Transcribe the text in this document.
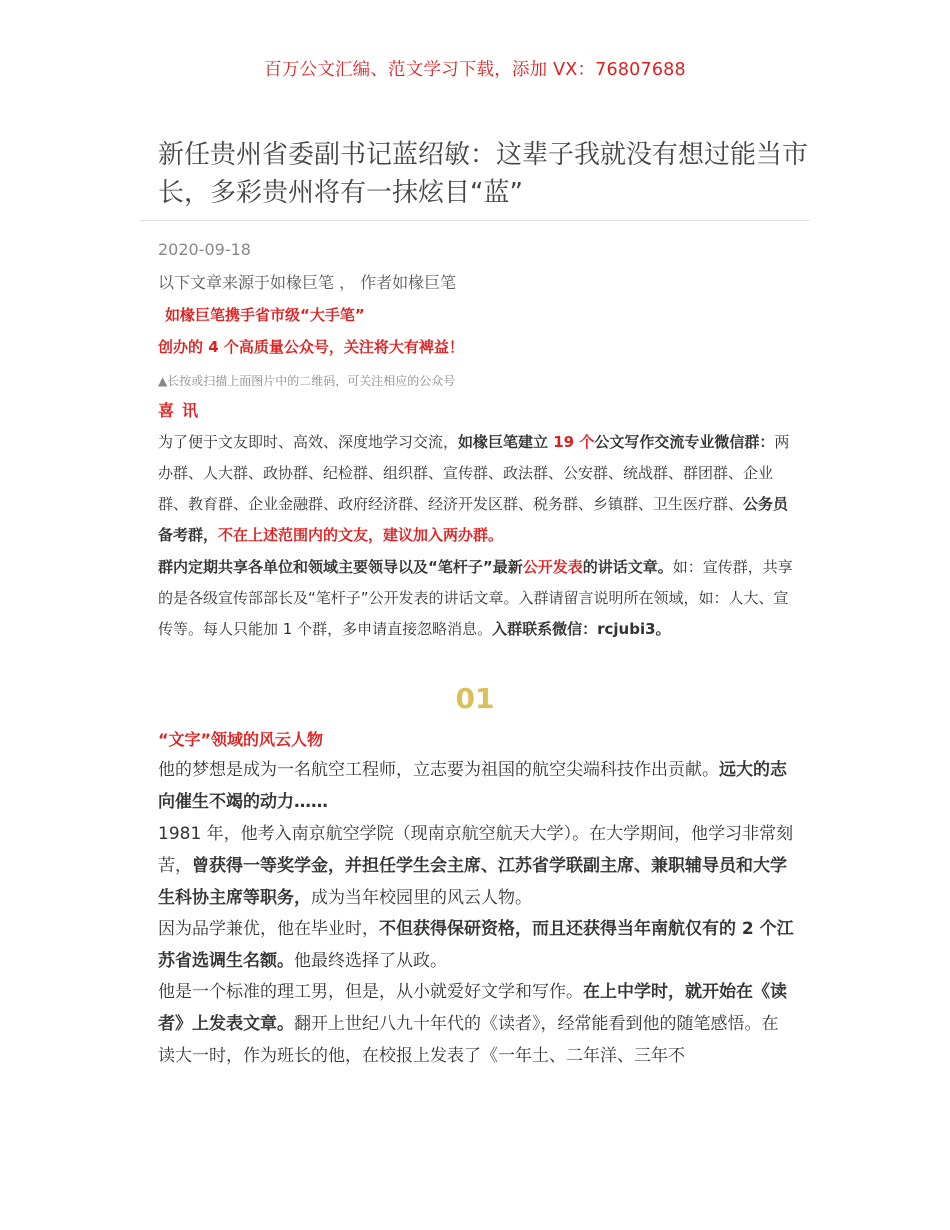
百万公文汇编、范文学习下载，添加 VX：76807688
新任贵州省委副书记蓝绍敏：这辈子我就没有想过能当市长，多彩贵州将有一抹炫目“蓝”
2020-09-18
以下文章来源于如椽巨笔 ， 作者如椽巨笔
如椽巨笔携手省市级“大手笔”
创办的 4 个高质量公众号，关注将大有裨益！
▲长按或扫描上面图片中的二维码，可关注相应的公众号
喜讯

为了便于文友即时、高效、深度地学习交流，如椽巨笔建立 19 个公文写作交流专业微信群：两办群、人大群、政协群、纪检群、组织群、宣传群、政法群、公安群、统战群、群团群、企业群、教育群、企业金融群、政府经济群、经济开发区群、税务群、乡镇群、卫生医疗群、公务员备考群，不在上述范围内的文友，建议加入两办群。

群内定期共享各单位和领域主要领导以及“笔杆子”最新公开发表的讲话文章。如：宣传群，共享的是各级宣传部部长及“笔杆子”公开发表的讲话文章。入群请留言说明所在领域，如：人大、宣传等。每人只能加 1 个群，多申请直接忽略消息。入群联系微信：rcjubi3。

01
“文字”领域的风云人物

他的梦想是成为一名航空工程师，立志要为祖国的航空尖端科技作出贡献。远大的志向催生不竭的动力……

1981 年，他考入南京航空学院（现南京航空航天大学）。在大学期间，他学习非常刻苦，曾获得一等奖学金，并担任学生会主席、江苏省学联副主席、兼职辅导员和大学生科协主席等职务，成为当年校园里的风云人物。

因为品学兼优，他在毕业时，不但获得保研资格，而且还获得当年南航仅有的 2 个江苏省选调生名额。他最终选择了从政。

他是一个标准的理工男，但是，从小就爱好文学和写作。在上中学时，就开始在《读者》上发表文章。翻开上世纪八九十年代的《读者》，经常能看到他的随笔感悟。在读大一时，作为班长的他，在校报上发表了《一年土、二年洋、三年不
